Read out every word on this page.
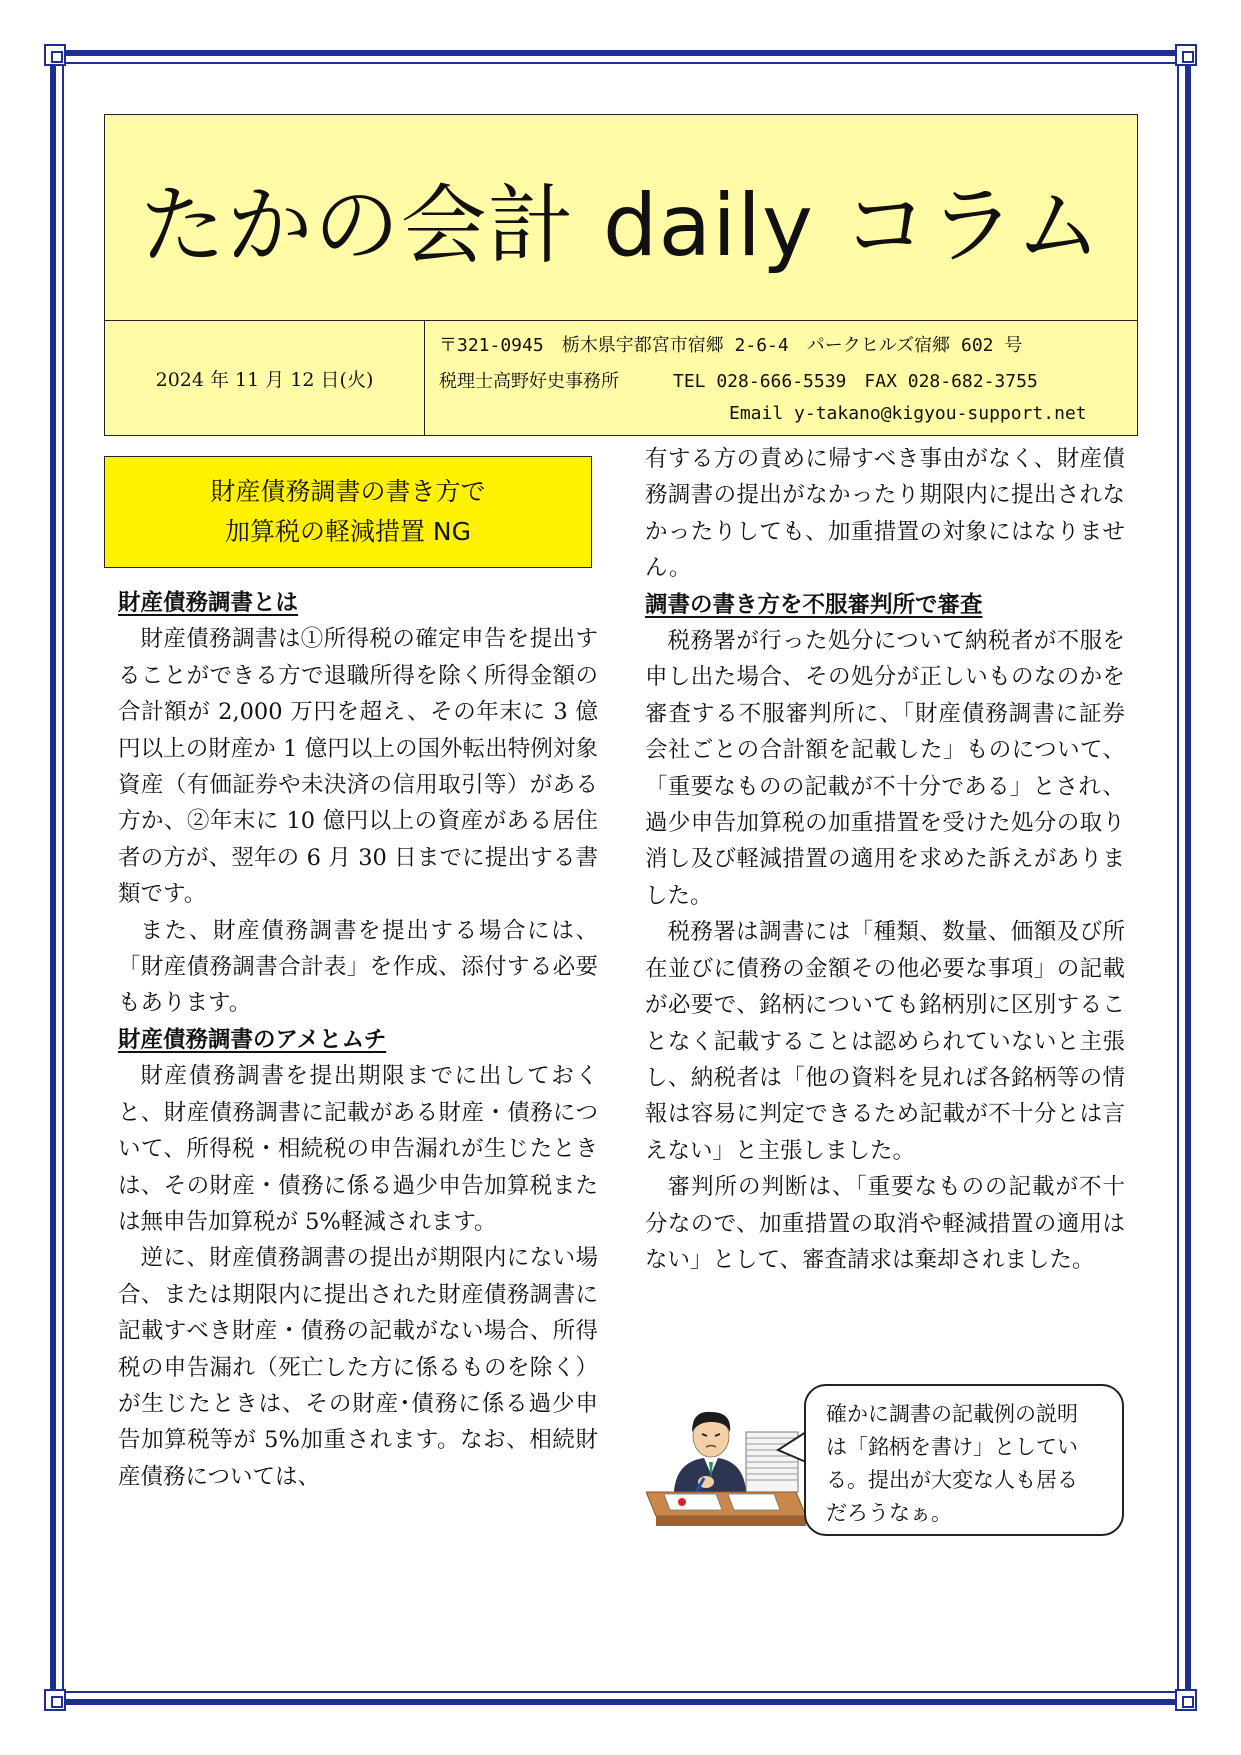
たかの会計 daily コラム
2024 年 11 月 12 日(火)
〒321-0945　栃木県宇都宮市宿郷 2-6-4　パークヒルズ宿郷 602 号
税理士高野好史事務所　　　TEL 028-666-5539　FAX 028-682-3755
Email y-takano@kigyou-support.net
財産債務調書の書き方で
加算税の軽減措置 NG
財産債務調書とは

財産債務調書は①所得税の確定申告を提出することができる方で退職所得を除く所得金額の合計額が 2,000 万円を超え、その年末に 3 億円以上の財産か 1 億円以上の国外転出特例対象資産（有価証券や未決済の信用取引等）がある方か、②年末に 10 億円以上の資産がある居住者の方が、翌年の 6 月 30 日までに提出する書類です。

また、財産債務調書を提出する場合には、「財産債務調書合計表」を作成、添付する必要もあります。

財産債務調書のアメとムチ

財産債務調書を提出期限までに出しておくと、財産債務調書に記載がある財産・債務について、所得税・相続税の申告漏れが生じたときは、その財産・債務に係る過少申告加算税または無申告加算税が 5%軽減されます。

逆に、財産債務調書の提出が期限内にない場合、または期限内に提出された財産債務調書に記載すべき財産・債務の記載がない場合、所得税の申告漏れ（死亡した方に係るものを除く）が生じたときは、その財産･債務に係る過少申告加算税等が 5%加重されます。なお、相続財産債務については、

有する方の責めに帰すべき事由がなく、財産債務調書の提出がなかったり期限内に提出されなかったりしても、加重措置の対象にはなりません。

調書の書き方を不服審判所で審査

税務署が行った処分について納税者が不服を申し出た場合、その処分が正しいものなのかを審査する不服審判所に、「財産債務調書に証券会社ごとの合計額を記載した」ものについて、「重要なものの記載が不十分である」とされ、過少申告加算税の加重措置を受けた処分の取り消し及び軽減措置の適用を求めた訴えがありました。

税務署は調書には「種類、数量、価額及び所在並びに債務の金額その他必要な事項」の記載が必要で、銘柄についても銘柄別に区別することなく記載することは認められていないと主張し、納税者は「他の資料を見れば各銘柄等の情報は容易に判定できるため記載が不十分とは言えない」と主張しました。

審判所の判断は、「重要なものの記載が不十分なので、加重措置の取消や軽減措置の適用はない」として、審査請求は棄却されました。

確かに調書の記載例の説明
は「銘柄を書け」としてい
る。提出が大変な人も居る
だろうなぁ。
